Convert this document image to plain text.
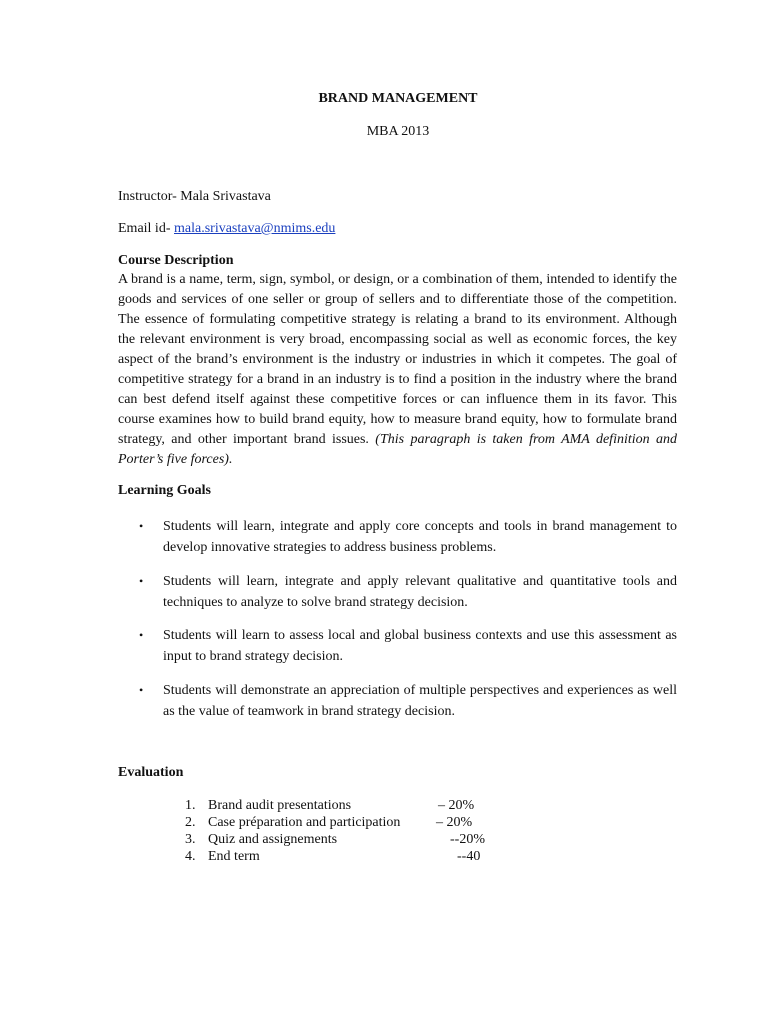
BRAND MANAGEMENT
MBA 2013
Instructor- Mala Srivastava
Email id- mala.srivastava@nmims.edu
Course Description
A brand is a name, term, sign, symbol, or design, or a combination of them, intended to identify the goods and services of one seller or group of sellers and to differentiate those of the competition. The essence of formulating competitive strategy is relating a brand to its environment. Although the relevant environment is very broad, encompassing social as well as economic forces, the key aspect of the brand’s environment is the industry or industries in which it competes. The goal of competitive strategy for a brand in an industry is to find a position in the industry where the brand can best defend itself against these competitive forces or can influence them in its favor. This course examines how to build brand equity, how to measure brand equity, how to formulate brand strategy, and other important brand issues. (This paragraph is taken from AMA definition and Porter’s five forces).
Learning Goals
• Students will learn, integrate and apply core concepts and tools in brand management to develop innovative strategies to address business problems.
• Students will learn, integrate and apply relevant qualitative and quantitative tools and techniques to analyze to solve brand strategy decision.
• Students will learn to assess local and global business contexts and use this assessment as input to brand strategy decision.
• Students will demonstrate an appreciation of multiple perspectives and experiences as well as the value of teamwork in brand strategy decision.
Evaluation
1. Brand audit presentations	– 20%
2. Case préparation and participation	– 20%
3. Quiz and assignements	--20%
4. End term	--40
